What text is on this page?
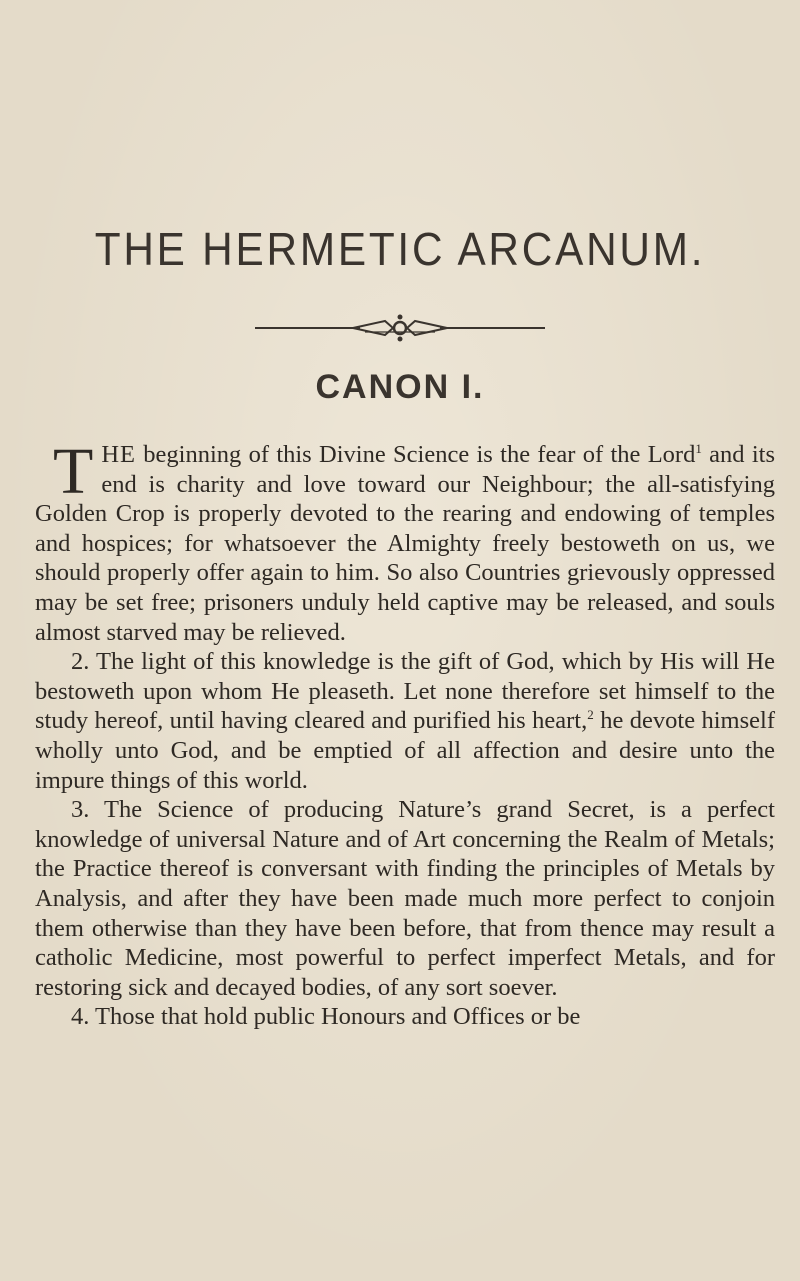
THE HERMETIC ARCANUM.
CANON I.

THE beginning of this Divine Science is the fear of the Lord$^1$ and its end is charity and love toward our Neighbour; the all-satisfying Golden Crop is properly devoted to the rearing and endowing of temples and hospices; for whatsoever the Almighty freely bestoweth on us, we should properly offer again to him. So also Countries grievously oppressed may be set free; prisoners unduly held captive may be released, and souls almost starved may be relieved.

2. The light of this knowledge is the gift of God, which by His will He bestoweth upon whom He pleaseth. Let none therefore set himself to the study hereof, until having cleared and purified his heart,$^2$ he devote himself wholly unto God, and be emptied of all affection and desire unto the impure things of this world.

3. The Science of producing Nature’s grand Secret, is a perfect knowledge of universal Nature and of Art concerning the Realm of Metals; the Practice thereof is conversant with finding the principles of Metals by Analysis, and after they have been made much more perfect to conjoin them otherwise than they have been before, that from thence may result a catholic Medicine, most powerful to perfect imperfect Metals, and for restoring sick and decayed bodies, of any sort soever.

4. Those that hold public Honours and Offices or be
